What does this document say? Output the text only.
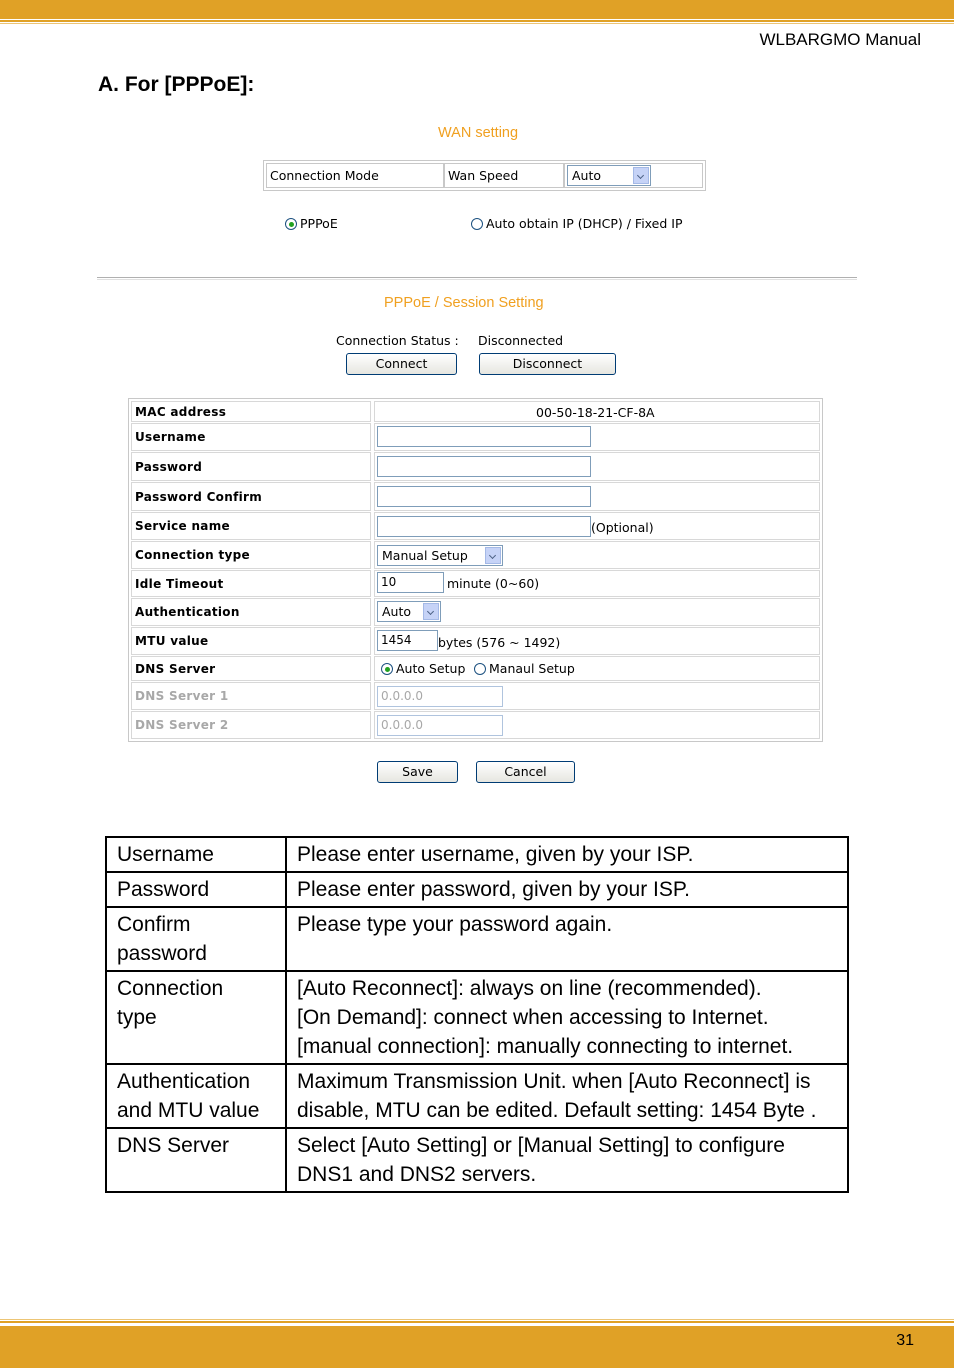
WLBARGMO Manual
A. For [PPPoE]:
WAN setting
Connection Mode	Wan Speed	Auto
PPPoE	Auto obtain IP (DHCP) / Fixed IP
PPPoE / Session Setting
Connection Status : Disconnected
Connect	Disconnect
MAC address	00-50-18-21-CF-8A
Username
Password
Password Confirm
Service name	(Optional)
Connection type	Manual Setup
Idle Timeout	10	minute (0~60)
Authentication	Auto
MTU value	1454	bytes (576 ~ 1492)
DNS Server	Auto Setup Manaul Setup
DNS Server 1	0.0.0.0
DNS Server 2	0.0.0.0
Save	Cancel
Username	Please enter username, given by your ISP.

Password	Please enter password, given by your ISP.

Confirm
password	Please type your password again.

Connection
type	[Auto Reconnect]: always on line (recommended).
[On Demand]: connect when accessing to Internet.
[manual connection]: manually connecting to internet.

Authentication
and MTU value	Maximum Transmission Unit. when [Auto Reconnect] is
disable, MTU can be edited. Default setting: 1454 Byte .

DNS Server	Select [Auto Setting] or [Manual Setting] to configure
DNS1 and DNS2 servers.
31
